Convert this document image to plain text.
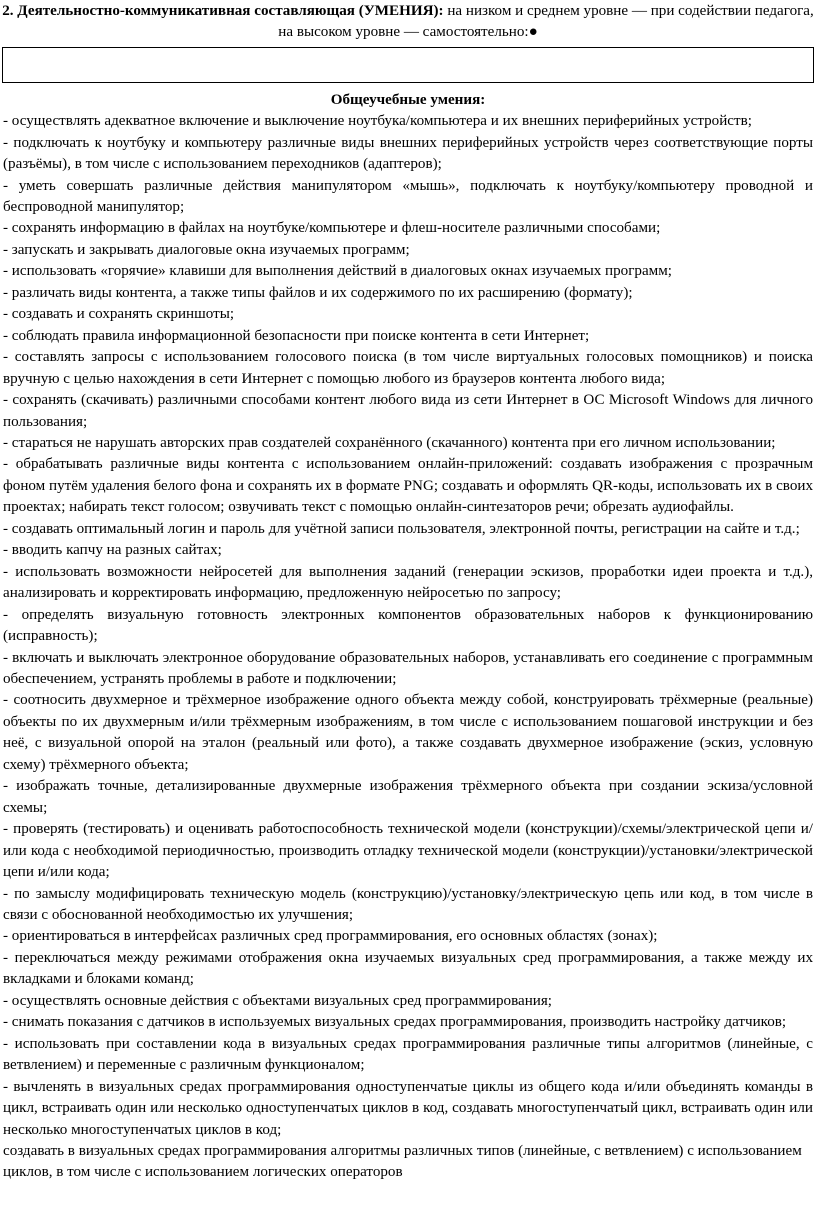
2. Деятельностно-коммуникативная составляющая (УМЕНИЯ): на низком и среднем уровне — при содействии педагога, на высоком уровне — самостоятельно:●

Общеучебные умения:

- осуществлять адекватное включение и выключение ноутбука/компьютера и их внешних периферийных устройств;
- подключать к ноутбуку и компьютеру различные виды внешних периферийных устройств через соответствующие порты (разъёмы), в том числе с использованием переходников (адаптеров);
- уметь совершать различные действия манипулятором «мышь», подключать к ноутбуку/компьютеру проводной и беспроводной манипулятор;
- сохранять информацию в файлах на ноутбуке/компьютере и флеш-носителе различными способами;
- запускать и закрывать диалоговые окна изучаемых программ;
- использовать «горячие» клавиши для выполнения действий в диалоговых окнах изучаемых программ;
- различать виды контента, а также типы файлов и их содержимого по их расширению (формату);
- создавать и сохранять скриншоты;
- соблюдать правила информационной безопасности при поиске контента в сети Интернет;
- составлять запросы с использованием голосового поиска (в том числе виртуальных голосовых помощников) и поиска вручную с целью нахождения в сети Интернет с помощью любого из браузеров контента любого вида;
- сохранять (скачивать) различными способами контент любого вида из сети Интернет в ОС Microsoft Windows для личного пользования;
- стараться не нарушать авторских прав создателей сохранённого (скачанного) контента при его личном использовании;
- обрабатывать различные виды контента с использованием онлайн-приложений: создавать изображения с прозрачным фоном путём удаления белого фона и сохранять их в формате PNG; создавать и оформлять QR-коды, использовать их в своих проектах; набирать текст голосом; озвучивать текст с помощью онлайн-синтезаторов речи; обрезать аудиофайлы.
- создавать оптимальный логин и пароль для учётной записи пользователя, электронной почты, регистрации на сайте и т.д.;
- вводить капчу на разных сайтах;
- использовать возможности нейросетей для выполнения заданий (генерации эскизов, проработки идеи проекта и т.д.), анализировать и корректировать информацию, предложенную нейросетью по запросу;
- определять визуальную готовность электронных компонентов образовательных наборов к функционированию (исправность);
- включать и выключать электронное оборудование образовательных наборов, устанавливать его соединение с программным обеспечением, устранять проблемы в работе и подключении;
- соотносить двухмерное и трёхмерное изображение одного объекта между собой, конструировать трёхмерные (реальные) объекты по их двухмерным и/или трёхмерным изображениям, в том числе с использованием пошаговой инструкции и без неё, с визуальной опорой на эталон (реальный или фото), а также создавать двухмерное изображение (эскиз, условную схему) трёхмерного объекта;
- изображать точные, детализированные двухмерные изображения трёхмерного объекта при создании эскиза/условной схемы;
- проверять (тестировать) и оценивать работоспособность технической модели (конструкции)/схемы/электрической цепи и/или кода с необходимой периодичностью, производить отладку технической модели (конструкции)/установки/электрической цепи и/или кода;
- по замыслу модифицировать техническую модель (конструкцию)/установку/электрическую цепь или код, в том числе в связи с обоснованной необходимостью их улучшения;
- ориентироваться в интерфейсах различных сред программирования, его основных областях (зонах);
- переключаться между режимами отображения окна изучаемых визуальных сред программирования, а также между их вкладками и блоками команд;
- осуществлять основные действия с объектами визуальных сред программирования;
- снимать показания с датчиков в используемых визуальных средах программирования, производить настройку датчиков;
- использовать при составлении кода в визуальных средах программирования различные типы алгоритмов (линейные, с ветвлением) и переменные с различным функционалом;
- вычленять в визуальных средах программирования одноступенчатые циклы из общего кода и/или объединять команды в цикл, встраивать один или несколько одноступенчатых циклов в код, создавать многоступенчатый цикл, встраивать один или несколько многоступенчатых циклов в код;
создавать в визуальных средах программирования алгоритмы различных типов (линейные, с ветвлением) с использованием циклов, в том числе с использованием логических операторов
